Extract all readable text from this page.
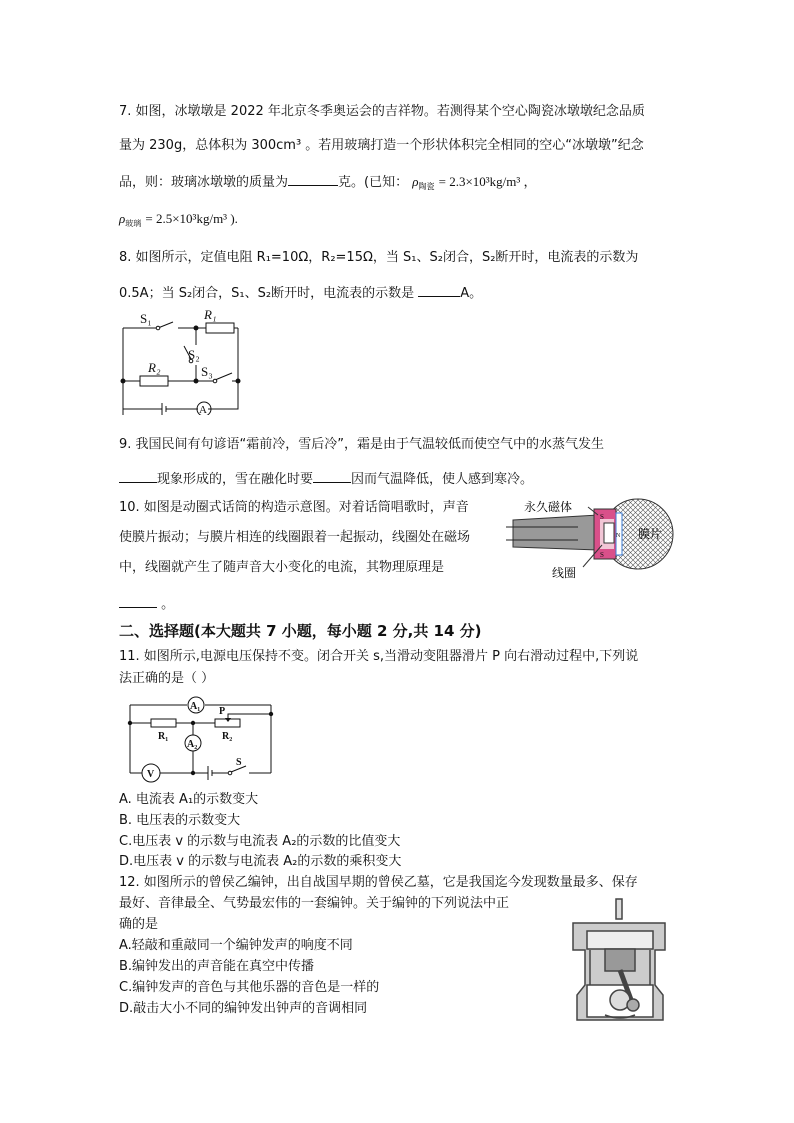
7. 如图，冰墩墩是 2022 年北京冬季奥运会的吉祥物。若测得某个空心陶瓷冰墩墩纪念品质
量为 230g，总体积为 300cm³ 。若用玻璃打造一个形状体积完全相同的空心“冰墩墩”纪念
品，则：玻璃冰墩墩的质量为	克。(已知： $\rho_{陶瓷} = 2.3\times 10^3kg/m^3$ ，
$\rho_{玻璃} = 2.5\times 10^3kg/m^3$ ).
8. 如图所示，定值电阻 R₁=10Ω，R₂=15Ω，当 S₁、S₂闭合，S₂断开时，电流表的示数为
0.5A；当 S₂闭合，S₁、S₂断开时，电流表的示数是	A。
S₁	R₁
S₂
R₂	S₃
A
9. 我国民间有句谚语“霜前冷，雪后冷”，霜是由于气温较低而使空气中的水蒸气发生
现象形成的，雪在融化时要	因而气温降低，使人感到寒冷。
10. 如图是动圈式话筒的构造示意图。对着话筒唱歌时，声音
使膜片振动；与膜片相连的线圈跟着一起振动，线圈处在磁场
中，线圈就产生了随声音大小变化的电流，其物理原理是
。
S
S
N
永久磁体
膜片
线圈
二、选择题(本大题共 7 小题，每小题 2 分,共 14 分)
11. 如图所示,电源电压保持不变。闭合开关 s,当滑动变阻器滑片 P 向右滑动过程中,下列说
法正确的是（ ）
A₁
A₂
R₁	R₂
P
V
S
A. 电流表 A₁的示数变大
B. 电压表的示数变大
C.电压表 v 的示数与电流表 A₂的示数的比值变大
D.电压表 v 的示数与电流表 A₂的示数的乘积变大
12. 如图所示的曾侯乙编钟，出自战国早期的曾侯乙墓，它是我国迄今发现数量最多、保存
最好、音律最全、气势最宏伟的一套编钟。关于编钟的下列说法中正
确的是
A.轻敲和重敲同一个编钟发声的响度不同
B.编钟发出的声音能在真空中传播
C.编钟发声的音色与其他乐器的音色是一样的
D.敲击大小不同的编钟发出钟声的音调相同
